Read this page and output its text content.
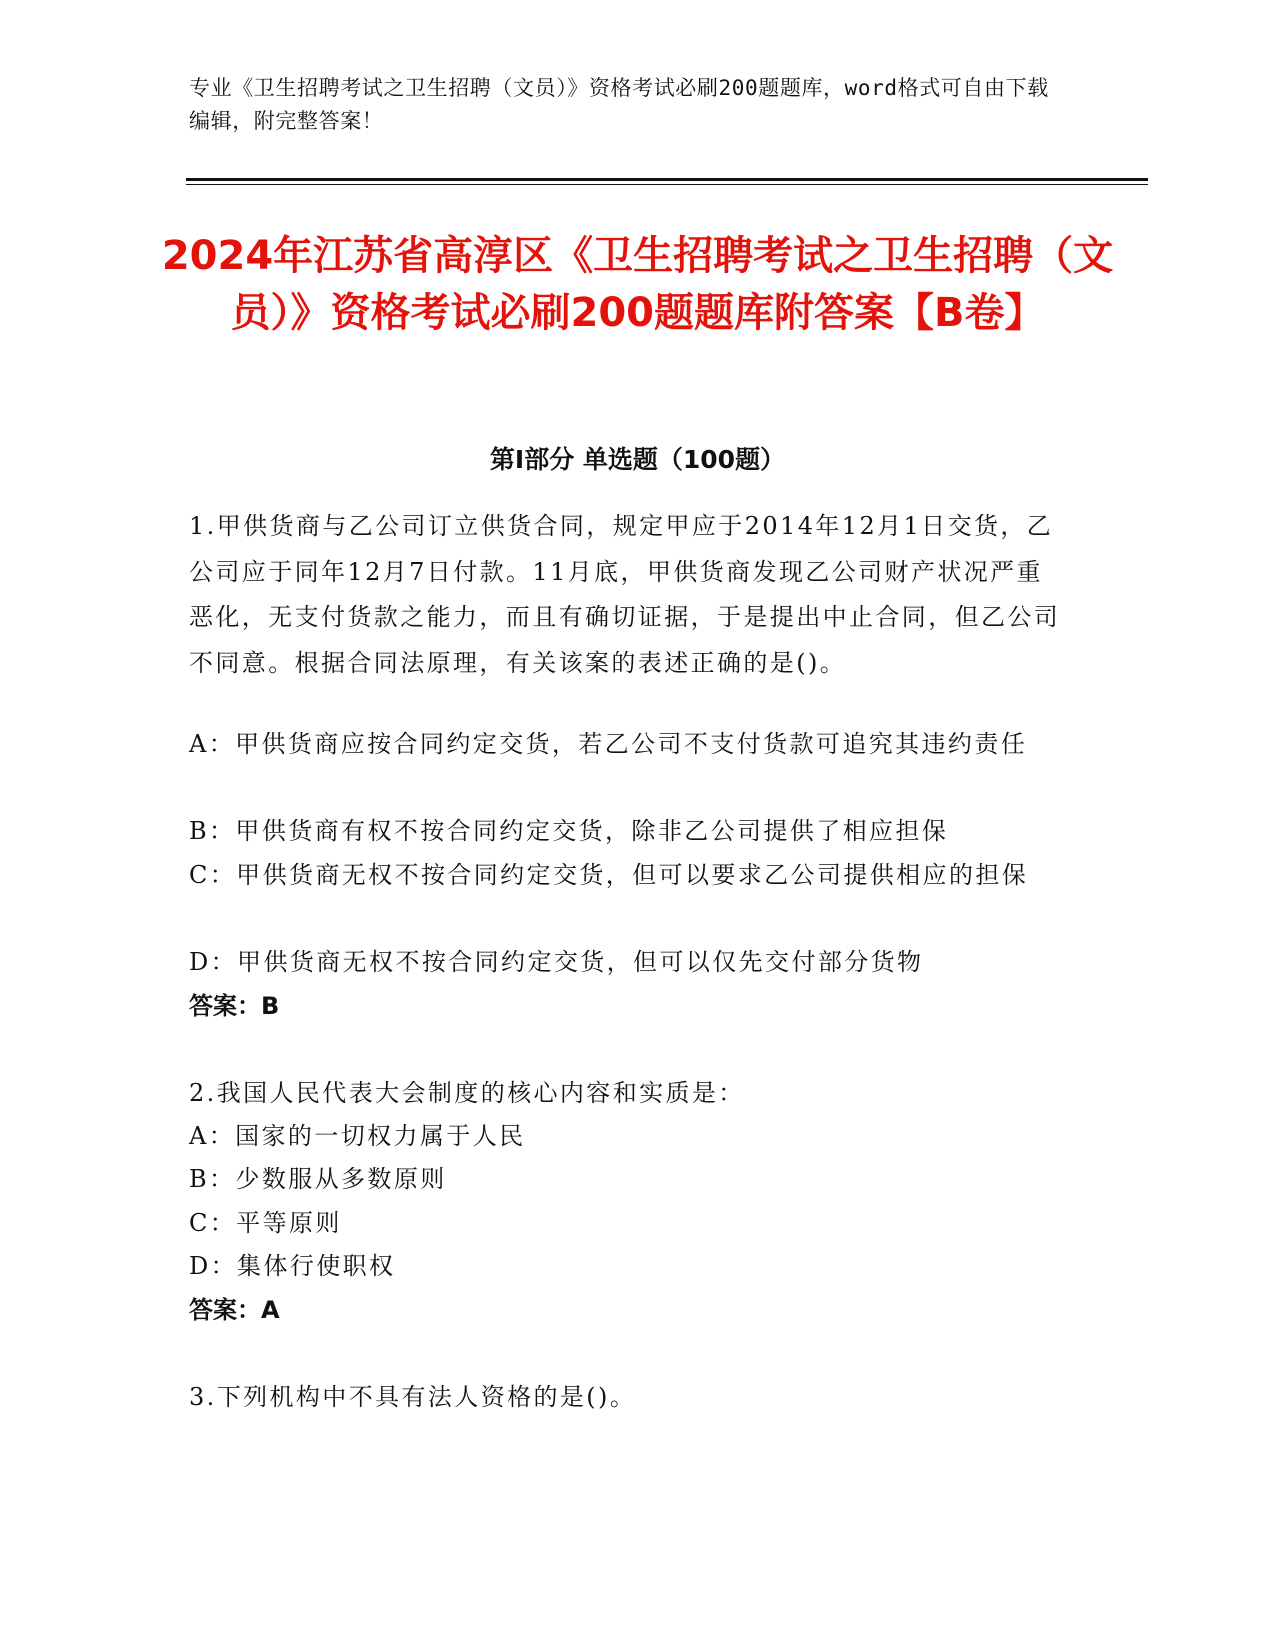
专业《卫生招聘考试之卫生招聘（文员）》资格考试必刷200题题库，word格式可自由下载编辑，附完整答案！

2024年江苏省高淳区《卫生招聘考试之卫生招聘（文员）》资格考试必刷200题题库附答案【B卷】
第Ⅰ部分 单选题（100题）

1.甲供货商与乙公司订立供货合同，规定甲应于2014年12月1日交货，乙公司应于同年12月7日付款。11月底，甲供货商发现乙公司财产状况严重恶化，无支付货款之能力，而且有确切证据，于是提出中止合同，但乙公司不同意。根据合同法原理，有关该案的表述正确的是()。

A：甲供货商应按合同约定交货，若乙公司不支付货款可追究其违约责任

B：甲供货商有权不按合同约定交货，除非乙公司提供了相应担保

C：甲供货商无权不按合同约定交货，但可以要求乙公司提供相应的担保

D：甲供货商无权不按合同约定交货，但可以仅先交付部分货物

答案：B

2.我国人民代表大会制度的核心内容和实质是：

A：国家的一切权力属于人民

B：少数服从多数原则

C：平等原则

D：集体行使职权

答案：A

3.下列机构中不具有法人资格的是()。
